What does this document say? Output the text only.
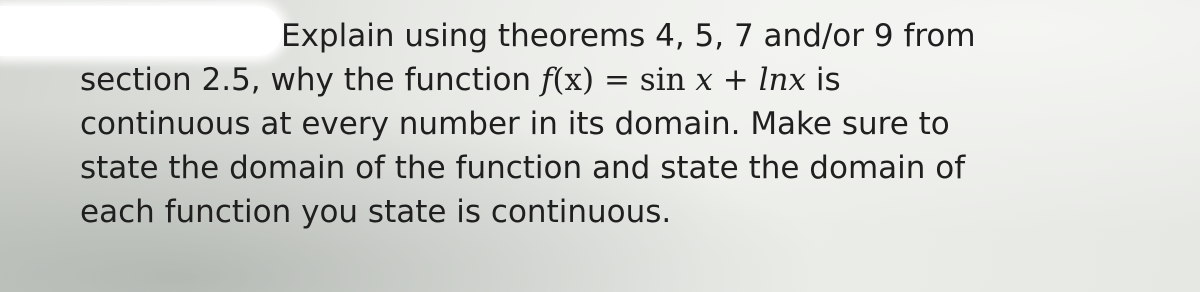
Explain using theorems 4, 5, 7 and/or 9 from
section 2.5, why the function f(x) = sin x + lnx is
continuous at every number in its domain. Make sure to
state the domain of the function and state the domain of
each function you state is continuous.
